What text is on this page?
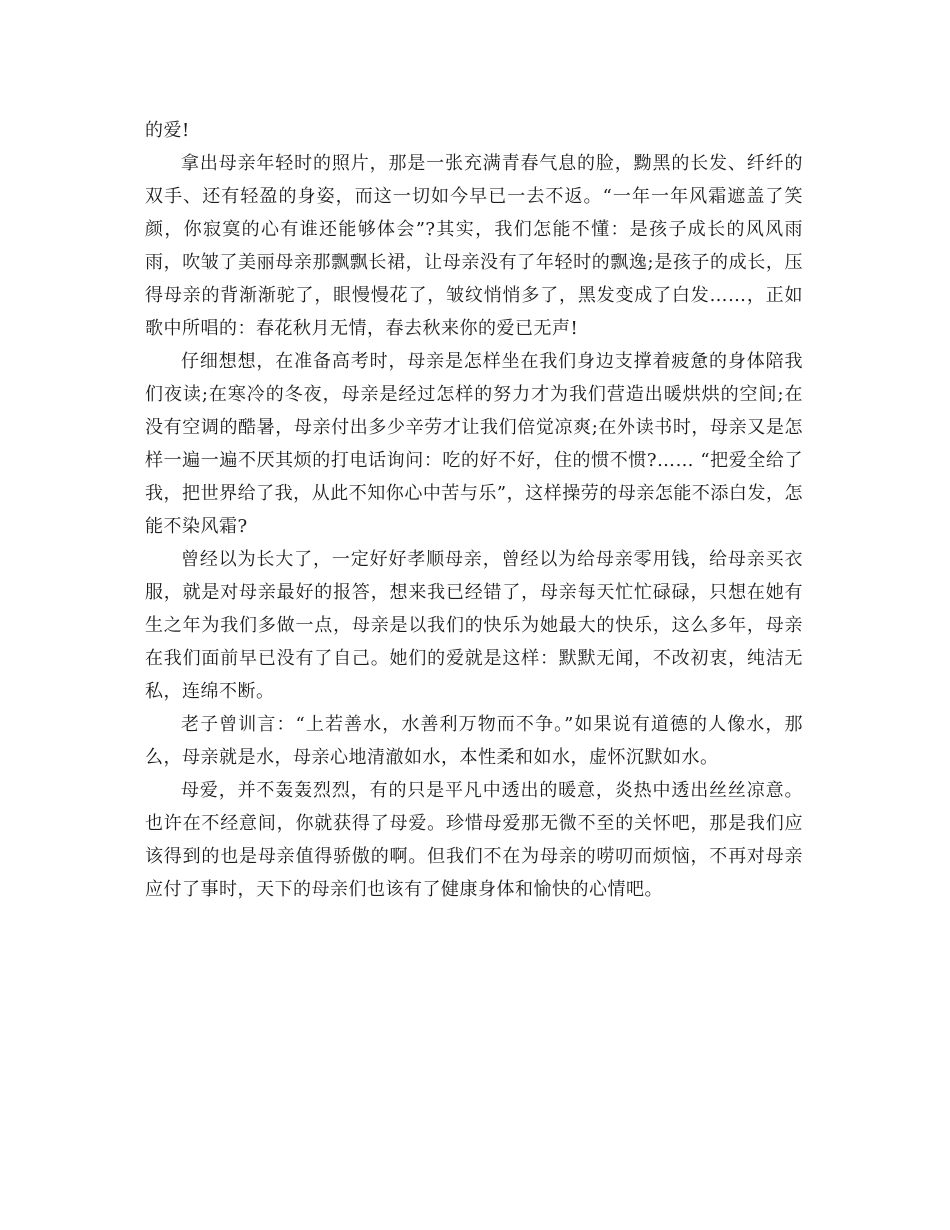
的爱!

拿出母亲年轻时的照片，那是一张充满青春气息的脸，黝黑的长发、纤纤的双手、还有轻盈的身姿，而这一切如今早已一去不返。“一年一年风霜遮盖了笑颜，你寂寞的心有谁还能够体会”?其实，我们怎能不懂：是孩子成长的风风雨雨，吹皱了美丽母亲那飘飘长裙，让母亲没有了年轻时的飘逸;是孩子的成长，压得母亲的背渐渐驼了，眼慢慢花了，皱纹悄悄多了，黑发变成了白发……，正如歌中所唱的：春花秋月无情，春去秋来你的爱已无声!

仔细想想，在准备高考时，母亲是怎样坐在我们身边支撑着疲惫的身体陪我们夜读;在寒冷的冬夜，母亲是经过怎样的努力才为我们营造出暖烘烘的空间;在没有空调的酷暑，母亲付出多少辛劳才让我们倍觉凉爽;在外读书时，母亲又是怎样一遍一遍不厌其烦的打电话询问：吃的好不好，住的惯不惯?…… “把爱全给了我，把世界给了我，从此不知你心中苦与乐”，这样操劳的母亲怎能不添白发，怎能不染风霜?

曾经以为长大了，一定好好孝顺母亲，曾经以为给母亲零用钱，给母亲买衣服，就是对母亲最好的报答，想来我已经错了，母亲每天忙忙碌碌，只想在她有生之年为我们多做一点，母亲是以我们的快乐为她最大的快乐，这么多年，母亲在我们面前早已没有了自己。她们的爱就是这样：默默无闻，不改初衷，纯洁无私，连绵不断。

老子曾训言：“上若善水，水善利万物而不争。”如果说有道德的人像水，那么，母亲就是水，母亲心地清澈如水，本性柔和如水，虚怀沉默如水。

母爱，并不轰轰烈烈，有的只是平凡中透出的暖意，炎热中透出丝丝凉意。也许在不经意间，你就获得了母爱。珍惜母爱那无微不至的关怀吧，那是我们应该得到的也是母亲值得骄傲的啊。但我们不在为母亲的唠叨而烦恼，不再对母亲应付了事时，天下的母亲们也该有了健康身体和愉快的心情吧。
